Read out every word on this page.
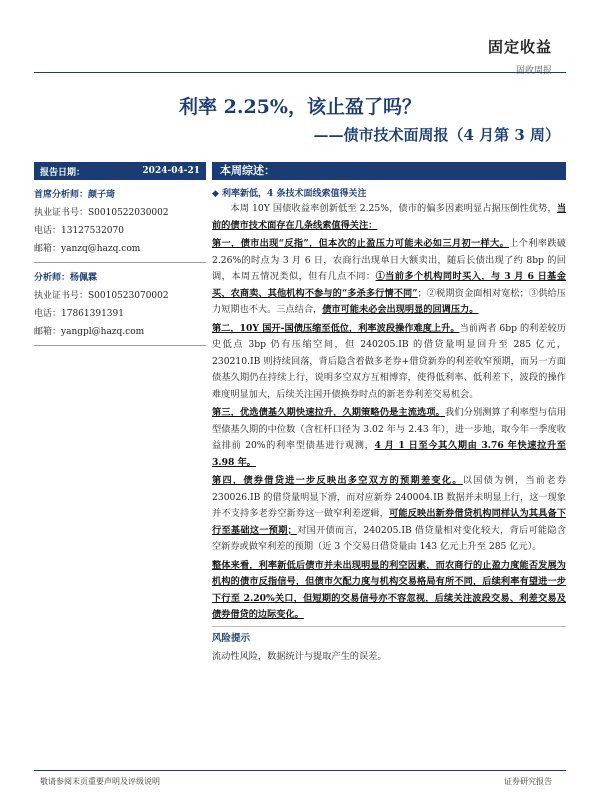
固定收益
固收周报
利率 2.25%，该止盈了吗？
——债市技术面周报（4 月第 3 周）
报告日期：	2024-04-21
首席分析师：颜子琦
执业证书号：S0010522030002
电话：13127532070
邮箱：yanzq@hazq.com
分析师：杨佩霖
执业证书号：S0010523070002
电话：17861391391
邮箱：yangpl@hazq.com
本周综述：
◆ 利率新低，4 条技术面线索值得关注

本周 10Y 国债收益率创新低至 2.25%，债市的偏多因素明显占据压倒性优势，当前的债市技术面存在几条线索值得关注：

第一，债市出现“反指”，但本次的止盈压力可能未必如三月初一样大。上个利率跌破 2.26%的时点为 3 月 6 日，农商行出现单日大额卖出，随后长债出现了约 8bp 的回调，本周五情况类似，但有几点不同：①当前多个机构同时买入，与 3 月 6 日基金买、农商卖、其他机构不参与的“多杀多行情不同”；②税期资金面相对宽松；③供给压力短期也不大。三点结合，债市可能未必会出现明显的回调压力。

第二，10Y 国开-国债压缩至低位，利率波段操作难度上升。当前两者 6bp 的利差较历史低点 3bp 仍有压缩空间，但 240205.IB 的借贷量明显回升至 285 亿元，230210.IB 则持续回落，背后隐含着做多老券+借贷新券的利差收窄预期，而另一方面债基久期仍在持续上行，说明多空双方互相博弈，使得低利率、低利差下，波段的操作难度明显加大，后续关注国开债换券时点的新老券利差交易机会。

第三，优选债基久期快速拉升，久期策略仍是主流选项。我们分别测算了利率型与信用型债基久期的中位数（含杠杆口径为 3.02 年与 2.43 年），进一步地，取今年一季度收益排前 20%的利率型债基进行观测，4 月 1 日至今其久期由 3.76 年快速拉升至 3.98 年。

第四，债券借贷进一步反映出多空双方的预期差变化。以国债为例，当前老券 230026.IB 的借贷量明显下滑，而对应新券 240004.IB 数据并未明显上行，这一现象并不支持多老券空新券这一做窄利差逻辑，可能反映出新券借贷机构同样认为其具备下行至基础这一预期；对国开债而言，240205.IB 借贷量相对变化较大，背后可能隐含空新券或做窄利差的预期（近 3 个交易日借贷量由 143 亿元上升至 285 亿元）。

整体来看，利率新低后债市并未出现明显的利空因素，而农商行的止盈力度能否发展为机构的债市反指信号，但债市欠配力度与机构交易格局有所不同，后续利率有望进一步下行至 2.20%关口，但短期的交易信号亦不容忽视，后续关注波段交易、利差交易及债券借贷的边际变化。

风险提示
流动性风险，数据统计与提取产生的误差。
敬请参阅末页重要声明及评级说明	证券研究报告
